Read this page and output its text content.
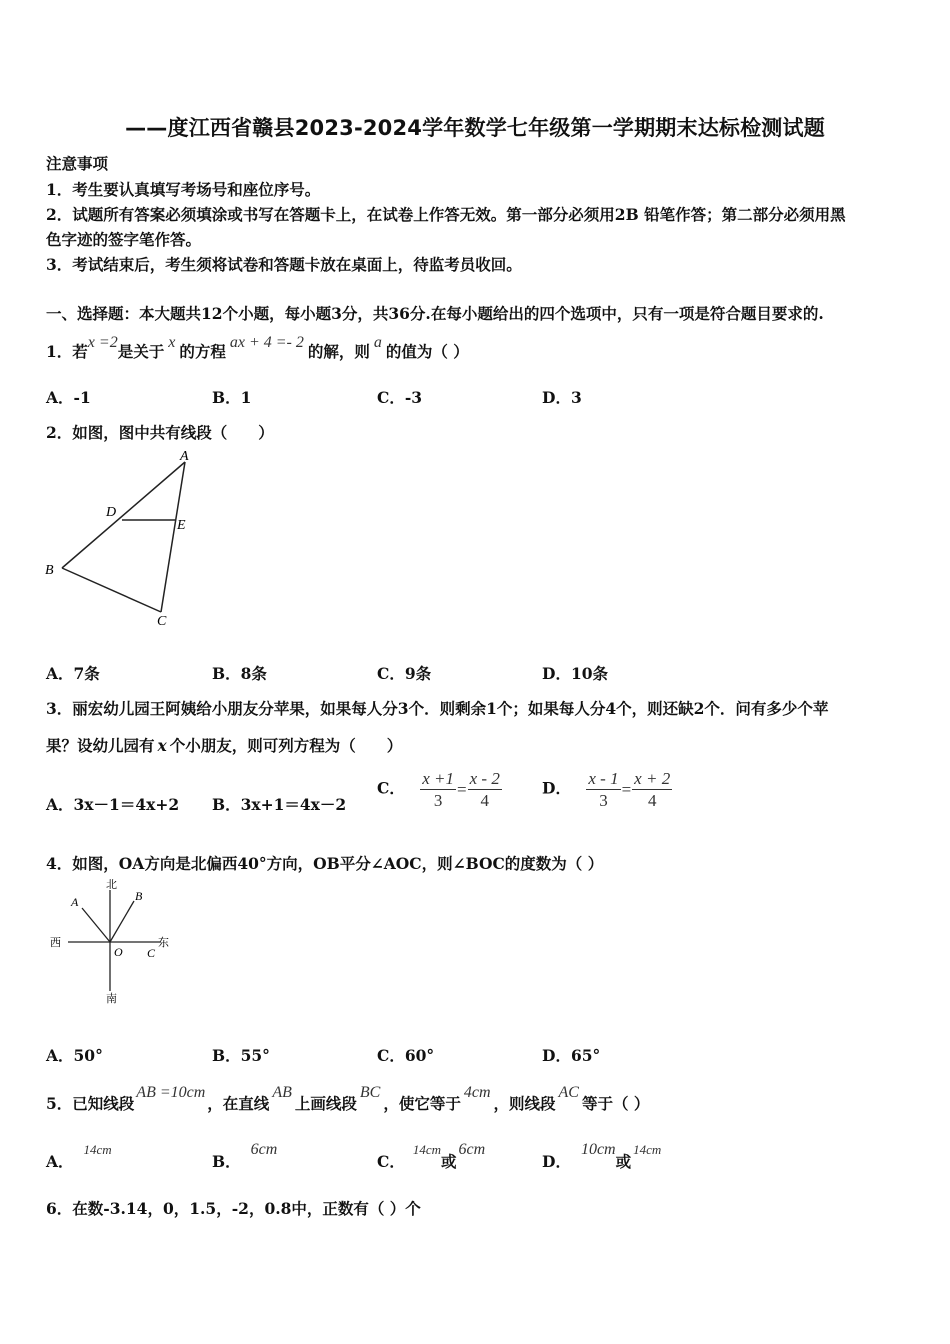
——度江西省赣县2023-2024学年数学七年级第一学期期末达标检测试题
注意事项
1．考生要认真填写考场号和座位序号。
2．试题所有答案必须填涂或书写在答题卡上，在试卷上作答无效。第一部分必须用2B 铅笔作答；第二部分必须用黑
色字迹的签字笔作答。
3．考试结束后，考生须将试卷和答题卡放在桌面上，待监考员收回。
一、选择题：本大题共12个小题，每小题3分，共36分.在每小题给出的四个选项中，只有一项是符合题目要求的.
1．若x =2是关于 x 的方程 ax + 4 =- 2 的解，则 a 的值为（ ）
A．-1	B．1	C．-3	D．3
2．如图，图中共有线段（　　）
A
B
C
D
E
A．7条	B．8条	C．9条	D．10条
3．丽宏幼儿园王阿姨给小朋友分苹果，如果每人分3个．则剩余1个；如果每人分4个，则还缺2个．问有多少个苹
果？设幼儿园有 x 个小朋友，则可列方程为（　　）
A．3x－1＝4x+2 B．3x+1＝4x－2
C． $\frac{x +1}{3} = \frac{x - 2}{4}$	D． $\frac{x - 1}{3} = \frac{x + 2}{4}$
4．如图，OA方向是北偏西40°方向，OB平分∠AOC，则∠BOC的度数为（ ）
北
南
西	东
A	B
C
O
A．50°	B．55°	C．60°	D．65°
5．已知线段AB =10cm，在直线AB上画线段BC，使它等于4cm，则线段AC等于（ ）
A．$^{14cm}$
B．6cm
C．$^{14cm}$或6cm
D．10cm或$^{14cm}$
6．在数-3.14，0，1.5，-2，0.8中，正数有（ ）个
